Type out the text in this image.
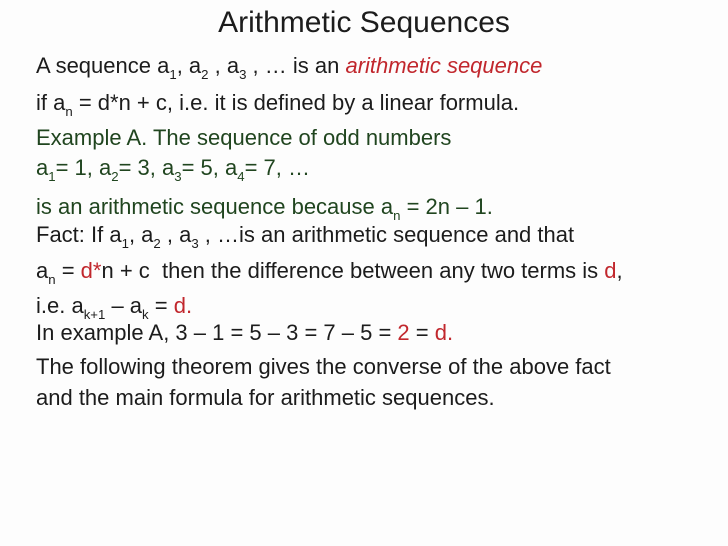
Arithmetic Sequences
A sequence $a_1$, $a_2$ , $a_3$ , … is an arithmetic sequence
if $a_n = d*n + c$, i.e. it is defined by a linear formula.
Example A. The sequence of odd numbers
$a_1= 1$, $a_2= 3$, $a_3= 5$, $a_4= 7$, …
is an arithmetic sequence because $a_n = 2n - 1$.
Fact: If $a_1$, $a_2$ , $a_3$ , …is an arithmetic sequence and that
$a_n = d*n + c$  then the difference between any two terms is d,
i.e. $a_{k+1} - a_k = d$.
In example A, 3 – 1 = 5 – 3 = 7 – 5 = 2 = d.
The following theorem gives the converse of the above fact
and the main formula for arithmetic sequences.
